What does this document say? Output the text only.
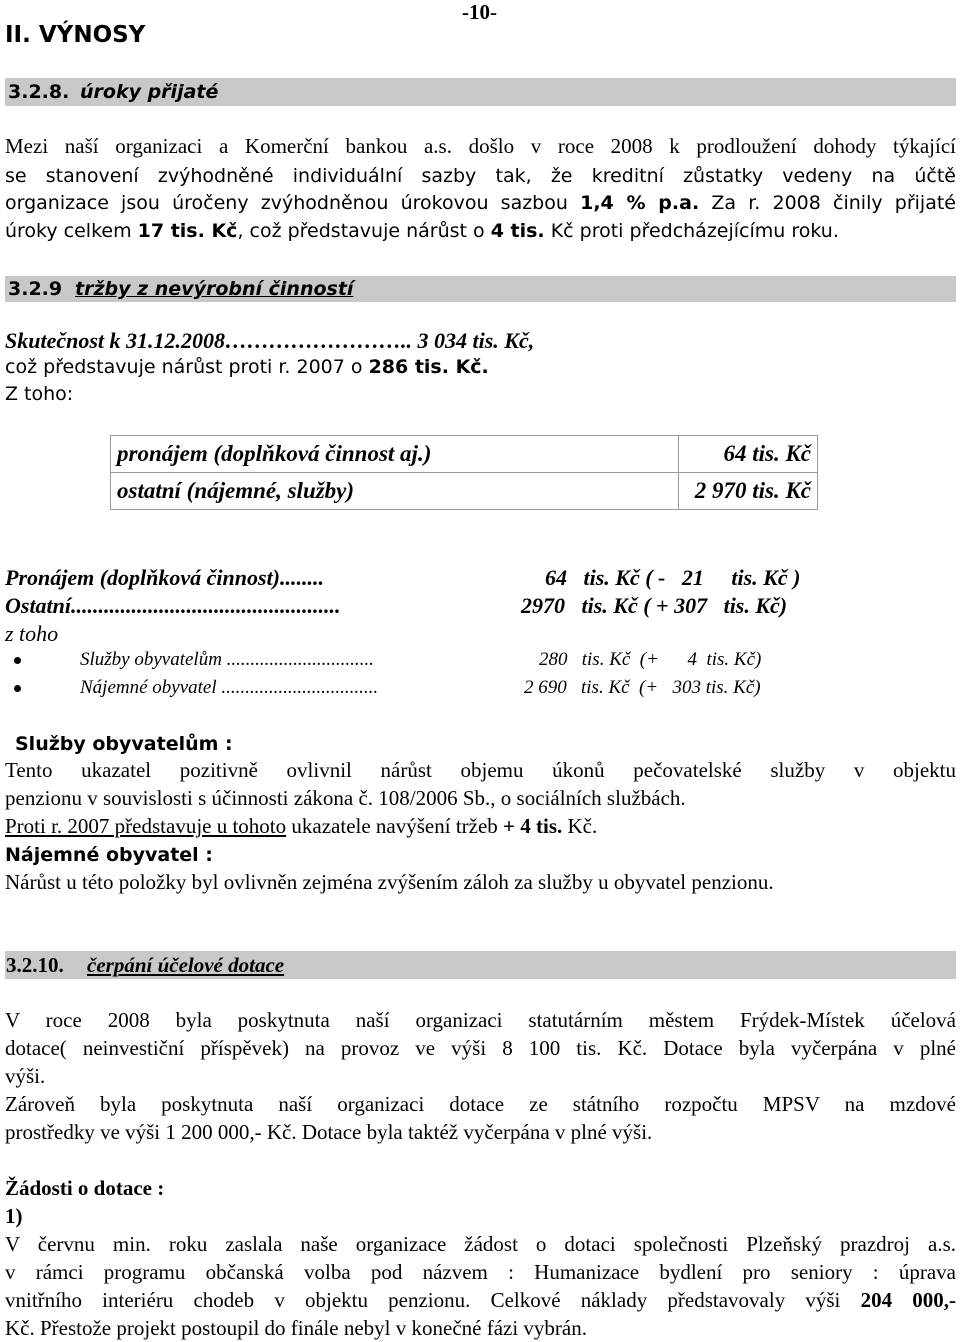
II. VÝNOSY
-10-
3.2.8. úroky přijaté
Mezi naší organizaci a Komerční bankou a.s. došlo v roce 2008 k prodloužení dohody týkající
se stanovení zvýhodněné individuální sazby tak, že kreditní zůstatky vedeny na účtě
organizace jsou úročeny zvýhodněnou úrokovou sazbou 1,4 % p.a. Za r. 2008 činily přijaté
úroky celkem 17 tis. Kč, což představuje nárůst o 4 tis. Kč proti předcházejícímu roku.
3.2.9 tržby z nevýrobní činností
Skutečnost k 31.12.2008…………………….. 3 034 tis. Kč,
což představuje nárůst proti r. 2007 o 286 tis. Kč.
Z toho:
pronájem (doplňková činnost aj.)	64 tis. Kč
ostatní (nájemné, služby)	2 970 tis. Kč
Pronájem (doplňková činnost)........	64   tis. Kč ( -   21     tis. Kč )
Ostatní.................................................	2970   tis. Kč ( + 307   tis. Kč)
z toho
Služby obyvatelům ...............................	280   tis. Kč  (+      4  tis. Kč)
Nájemné obyvatel .................................	2 690   tis. Kč  (+   303 tis. Kč)
Služby obyvatelům :
Tento ukazatel pozitivně ovlivnil nárůst objemu úkonů pečovatelské služby v objektu
penzionu v souvislosti s účinnosti zákona č. 108/2006 Sb., o sociálních službách.
Proti r. 2007 představuje u tohoto ukazatele navýšení tržeb + 4 tis. Kč.
Nájemné obyvatel :
Nárůst u této položky byl ovlivněn zejména zvýšením záloh za služby u obyvatel penzionu.
3.2.10. čerpání účelové dotace
V roce 2008 byla poskytnuta naší organizaci statutárním městem Frýdek-Místek účelová
dotace( neinvestiční příspěvek) na provoz ve výši 8 100 tis. Kč. Dotace byla vyčerpána v plné
výši.
Zároveň byla poskytnuta naší organizaci dotace ze státního rozpočtu MPSV na mzdové
prostředky ve výši 1 200 000,- Kč. Dotace byla taktéž vyčerpána v plné výši.
Žádosti o dotace :
1)
V červnu min. roku zaslala naše organizace žádost o dotaci společnosti Plzeňský prazdroj a.s.
v rámci programu občanská volba pod názvem : Humanizace bydlení pro seniory : úprava
vnitřního interiéru chodeb v objektu penzionu. Celkové náklady představovaly výši 204 000,-
Kč. Přestože projekt postoupil do finále nebyl v konečné fázi vybrán.
